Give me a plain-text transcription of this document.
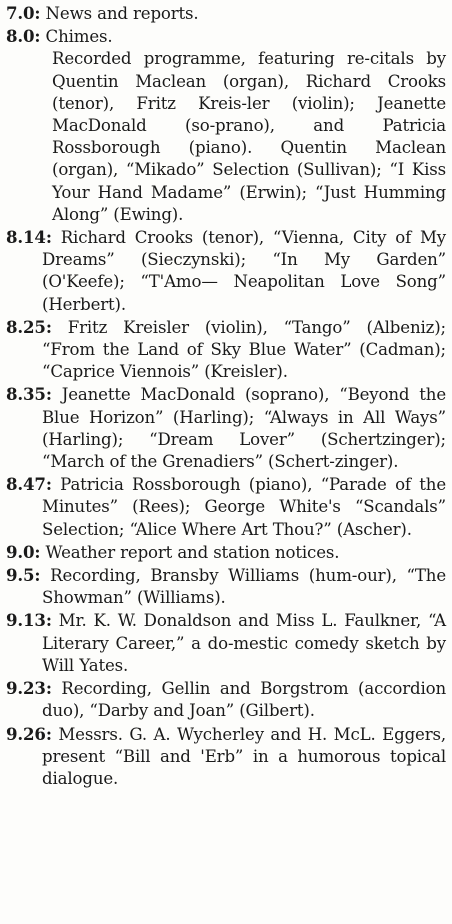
7.0: News and reports.

8.0: Chimes.

Recorded programme, featuring re-citals by Quentin Maclean (organ), Richard Crooks (tenor), Fritz Kreis-ler (violin); Jeanette MacDonald (so-prano), and Patricia Rossborough (piano). Quentin Maclean (organ), “Mikado” Selection (Sullivan); “I Kiss Your Hand Madame” (Erwin); “Just Humming Along” (Ewing).

8.14: Richard Crooks (tenor), “Vienna, City of My Dreams” (Sieczynski); “In My Garden” (O'Keefe); “T'Amo— Neapolitan Love Song” (Herbert).

8.25: Fritz Kreisler (violin), “Tango” (Albeniz); “From the Land of Sky Blue Water” (Cadman); “Caprice Viennois” (Kreisler).

8.35: Jeanette MacDonald (soprano), “Beyond the Blue Horizon” (Harling); “Always in All Ways” (Harling); “Dream Lover” (Schertzinger); “March of the Grenadiers” (Schert-zinger).

8.47: Patricia Rossborough (piano), “Parade of the Minutes” (Rees); George White's “Scandals” Selection; “Alice Where Art Thou?” (Ascher).

9.0: Weather report and station notices.

9.5: Recording, Bransby Williams (hum-our), “The Showman” (Williams).

9.13: Mr. K. W. Donaldson and Miss L. Faulkner, “A Literary Career,” a do-mestic comedy sketch by Will Yates.

9.23: Recording, Gellin and Borgstrom (accordion duo), “Darby and Joan” (Gilbert).

9.26: Messrs. G. A. Wycherley and H. McL. Eggers, present “Bill and 'Erb” in a humorous topical dialogue.
